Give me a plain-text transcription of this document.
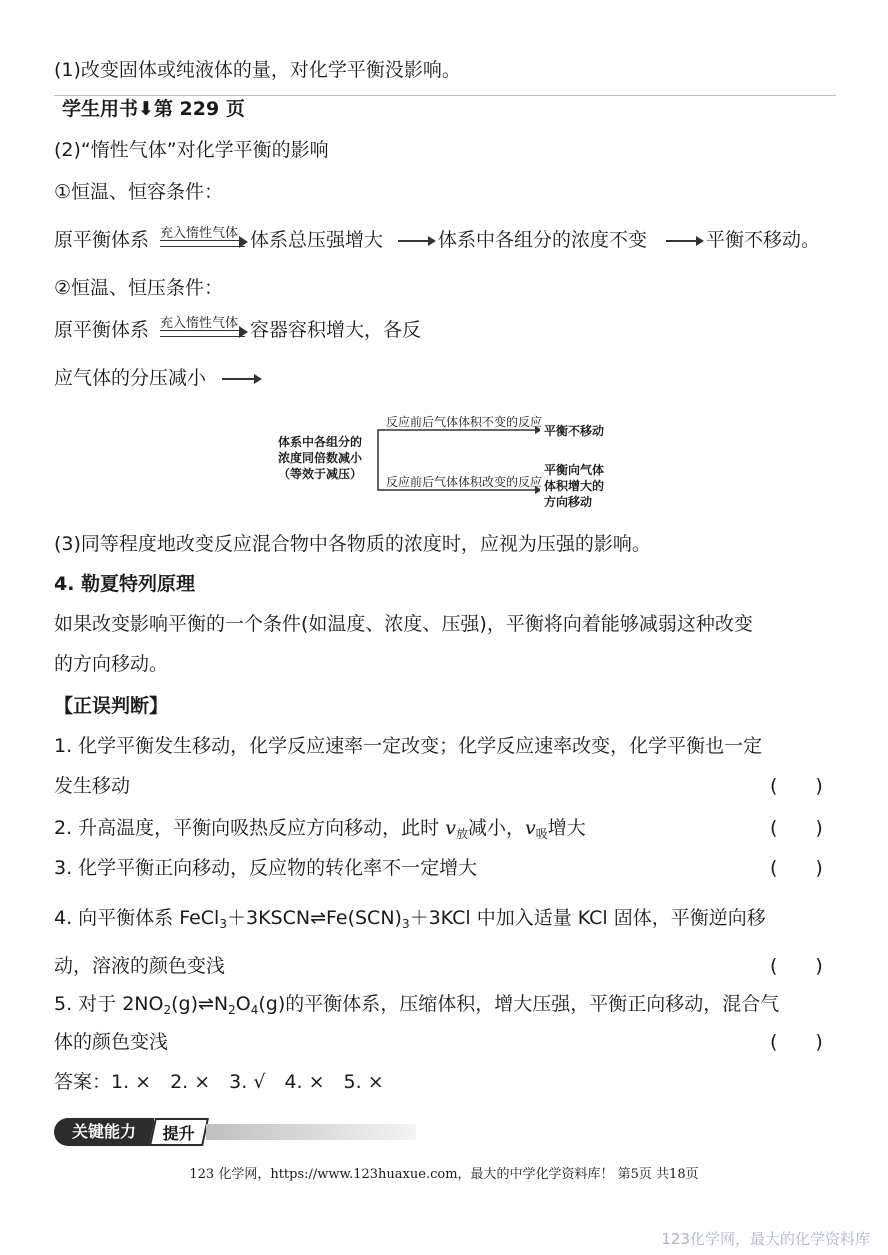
(1)改变固体或纯液体的量，对化学平衡没影响。
学生用书⬇第 229 页
(2)“惰性气体”对化学平衡的影响
①恒温、恒容条件：
原平衡体系 充入惰性气体 体系总压强增大	体系中各组分的浓度不变	平衡不移动。
②恒温、恒压条件：
原平衡体系 充入惰性气体 容器容积增大，各反
应气体的分压减小
体系中各组分的
浓度同倍数减小
（等效于减压）
反应前后气体体积不变的反应
平衡不移动
反应前后气体体积改变的反应
平衡向气体
体积增大的
方向移动
(3)同等程度地改变反应混合物中各物质的浓度时，应视为压强的影响。
4. 勒夏特列原理
如果改变影响平衡的一个条件(如温度、浓度、压强)，平衡将向着能够减弱这种改变
的方向移动。
【正误判断】
1. 化学平衡发生移动，化学反应速率一定改变；化学反应速率改变，化学平衡也一定
发生移动	(　　)
2. 升高温度，平衡向吸热反应方向移动，此时 $v_放$减小，$v_吸$增大	(　　)
3. 化学平衡正向移动，反应物的转化率不一定增大	(　　)
4. 向平衡体系 $FeCl_3+3KSCN\rightleftharpoons Fe(SCN)_3+3KCl$ 中加入适量 KCl 固体，平衡逆向移
动，溶液的颜色变浅	(　　)
5. 对于 $2NO_2(g)\rightleftharpoons N_2O_4(g)$的平衡体系，压缩体积，增大压强，平衡正向移动，混合气
体的颜色变浅	(　　)
答案：1. ×　2. ×　3. √　4. ×　5. ×
关键能力	提升
123 化学网，https://www.123huaxue.com，最大的中学化学资料库！ 第5页 共18页
123化学网，最大的化学资料库
